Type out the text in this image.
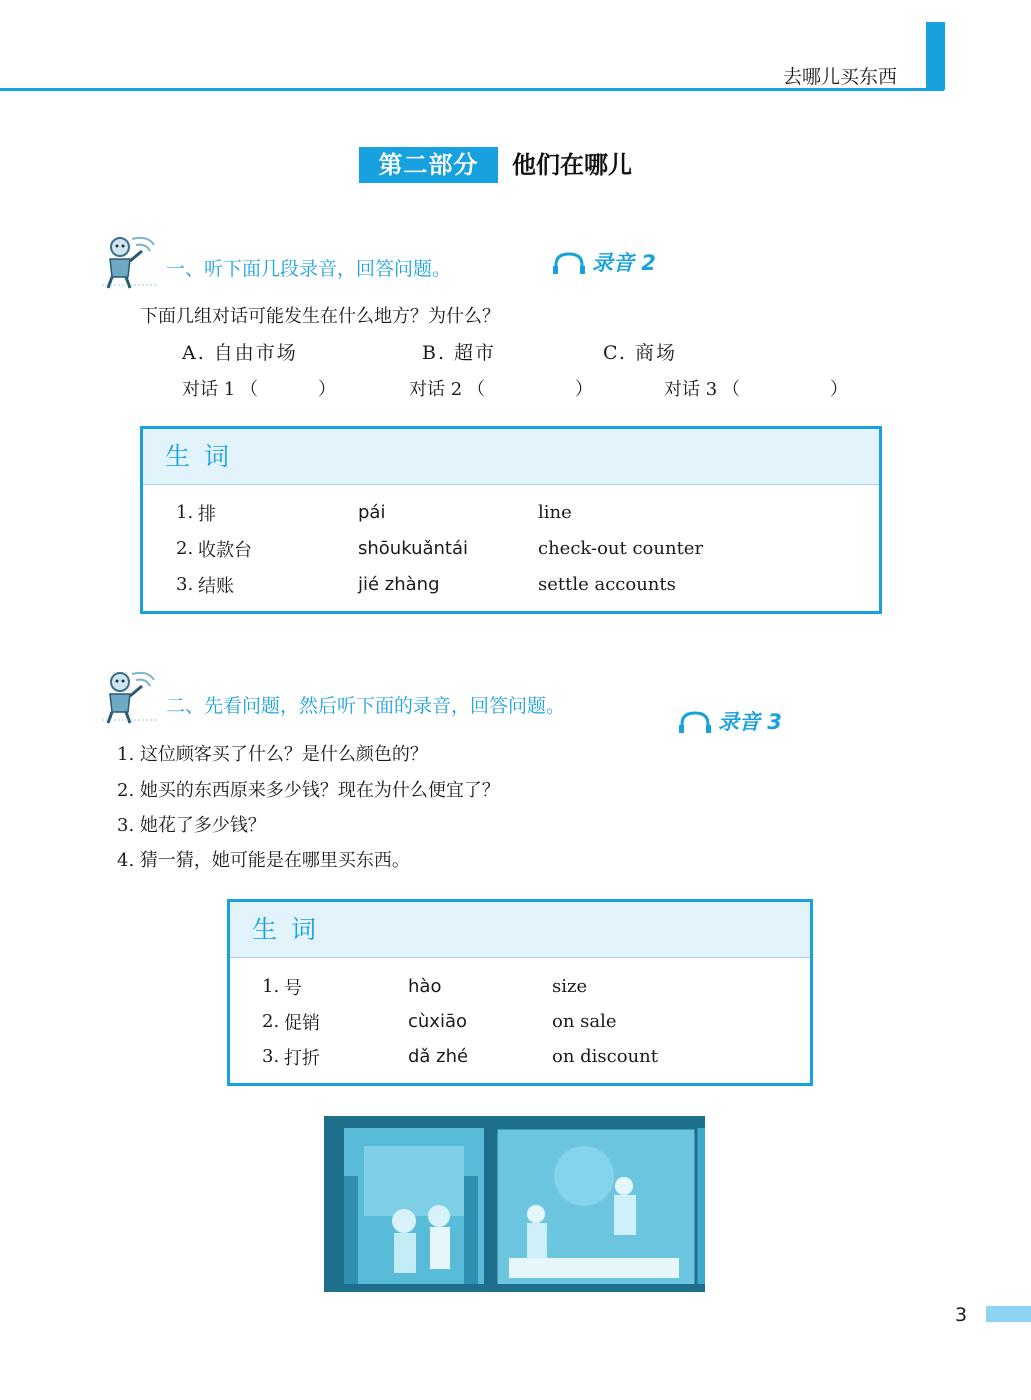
去哪儿买东西
第二部分	他们在哪儿
一、听下面几段录音，回答问题。	录音 2
下面几组对话可能发生在什么地方？为什么？
A. 自由市场	B. 超市	C. 商场
对话 1 （	）	对话 2 （	）	对话 3 （	）
生词
1. 排	pái	line
2. 收款台	shōukuǎntái	check-out counter
3. 结账	jié zhàng	settle accounts
二、先看问题，然后听下面的录音，回答问题。
录音 3
1. 这位顾客买了什么？是什么颜色的？
2. 她买的东西原来多少钱？现在为什么便宜了？
3. 她花了多少钱？
4. 猜一猜，她可能是在哪里买东西。
生词
1. 号	hào	size
2. 促销	cùxiāo	on sale
3. 打折	dǎ zhé	on discount
3
